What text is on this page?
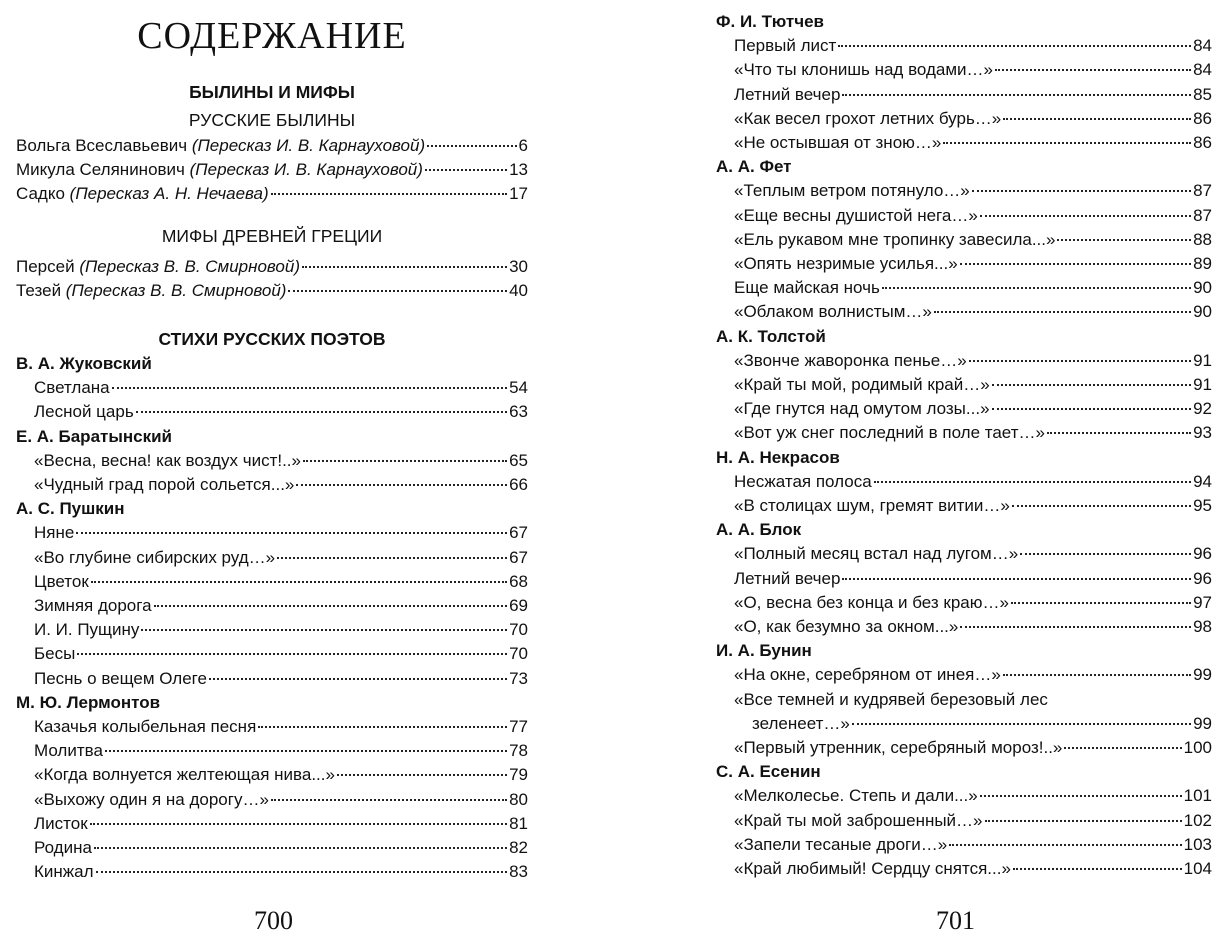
СОДЕРЖАНИЕ
БЫЛИНЫ И МИФЫ
РУССКИЕ БЫЛИНЫ
Вольга Всеславьевич (Пересказ И. В. Карнауховой)	6
Микула Селянинович (Пересказ И. В. Карнауховой)	13
Садко (Пересказ А. Н. Нечаева)	17
МИФЫ ДРЕВНЕЙ ГРЕЦИИ
Персей (Пересказ В. В. Смирновой)	30
Тезей (Пересказ В. В. Смирновой)	40
СТИХИ РУССКИХ ПОЭТОВ
В. А. Жуковский
Светлана	54
Лесной царь	63
Е. А. Баратынский
«Весна, весна! как воздух чист!..»	65
«Чудный град порой сольется...»	66
А. С. Пушкин
Няне	67
«Во глубине сибирских руд…»	67
Цветок	68
Зимняя дорога	69
И. И. Пущину	70
Бесы	70
Песнь о вещем Олеге	73
М. Ю. Лермонтов
Казачья колыбельная песня	77
Молитва	78
«Когда волнуется желтеющая нива...»	79
«Выхожу один я на дорогу…»	80
Листок	81
Родина	82
Кинжал	83
Ф. И. Тютчев
Первый лист	84
«Что ты клонишь над водами…»	84
Летний вечер	85
«Как весел грохот летних бурь…»	86
«Не остывшая от зною…»	86
А. А. Фет
«Теплым ветром потянуло…»	87
«Еще весны душистой нега…»	87
«Ель рукавом мне тропинку завесила...»	88
«Опять незримые усилья...»	89
Еще майская ночь	90
«Облаком волнистым…»	90
А. К. Толстой
«Звонче жаворонка пенье…»	91
«Край ты мой, родимый край…»	91
«Где гнутся над омутом лозы...»	92
«Вот уж снег последний в поле тает…»	93
Н. А. Некрасов
Несжатая полоса	94
«В столицах шум, гремят витии…»	95
А. А. Блок
«Полный месяц встал над лугом…»	96
Летний вечер	96
«О, весна без конца и без краю…»	97
«О, как безумно за окном...»	98
И. А. Бунин
«На окне, серебряном от инея…»	99
«Все темней и кудрявей березовый лес
зеленеет…»	99
«Первый утренник, серебряный мороз!..»	100
С. А. Есенин
«Мелколесье. Степь и дали...»	101
«Край ты мой заброшенный…»	102
«Запели тесаные дроги…»	103
«Край любимый! Сердцу снятся...»	104
700	701
